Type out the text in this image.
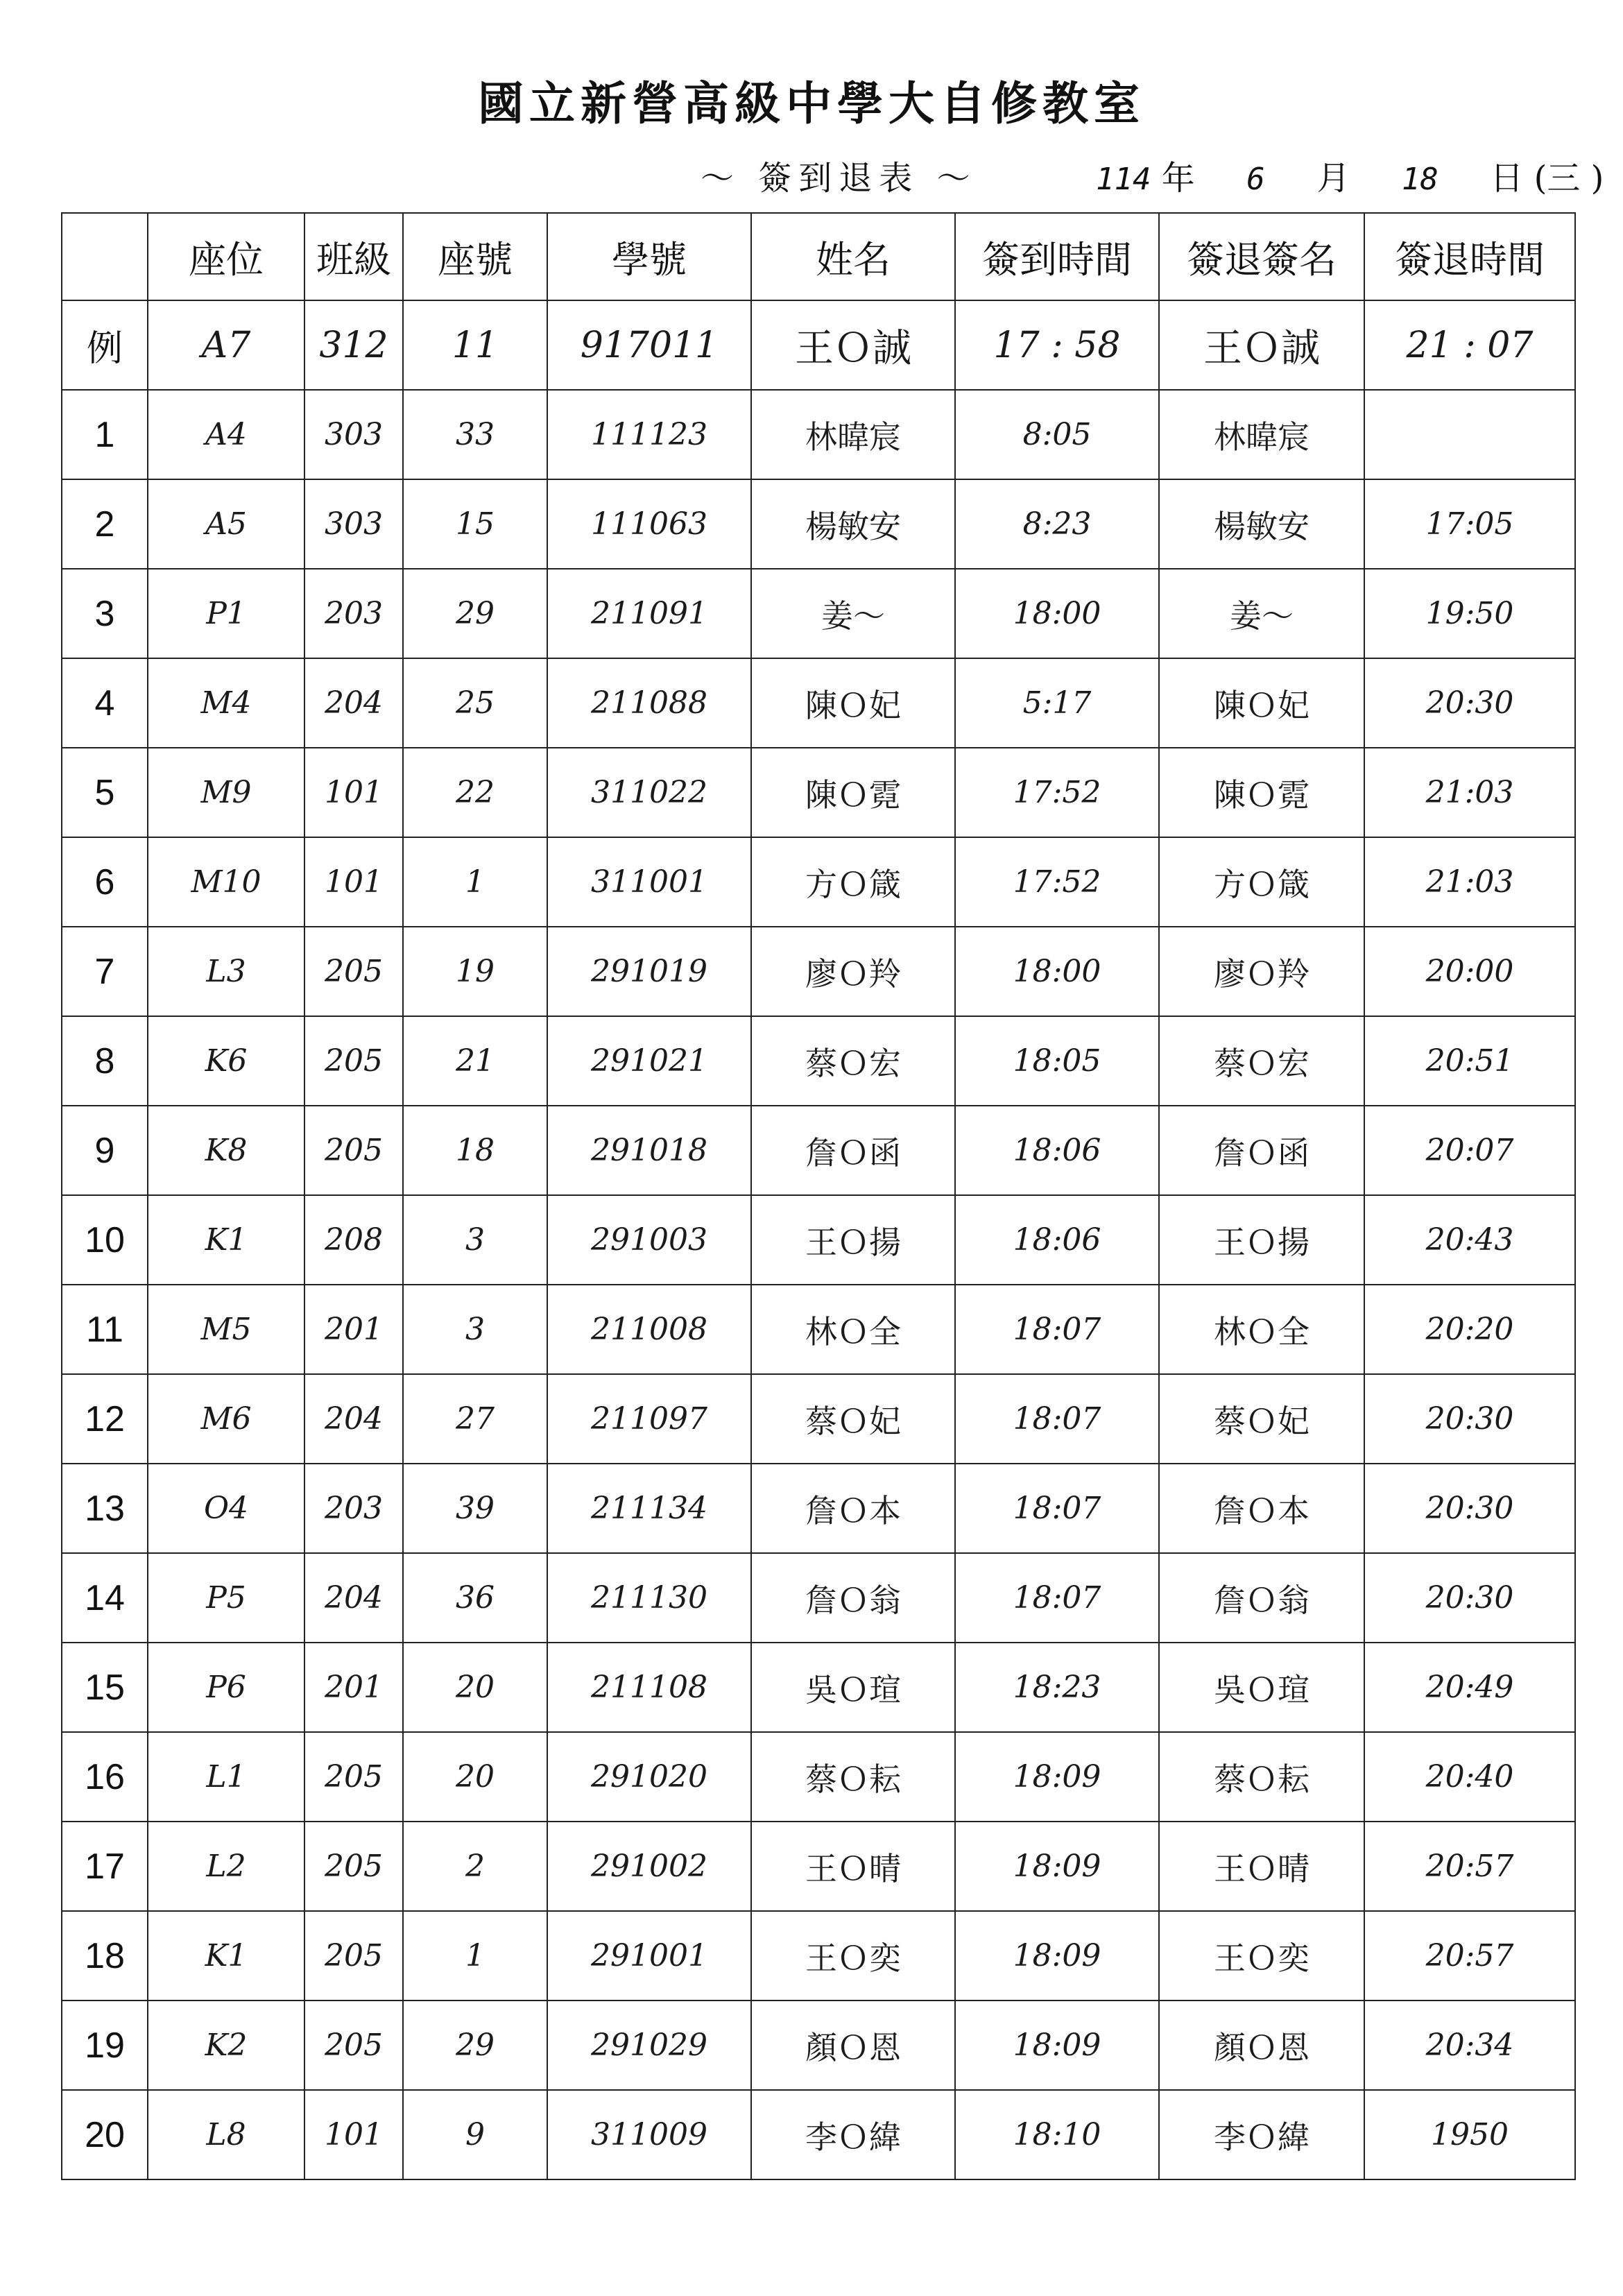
國立新營高級中學大自修教室
～ 簽到退表 ～	114 年 6 月 18 日 (三 )
	座位	班級	座號	學號	姓名	簽到時間	簽退簽名	簽退時間
例	A7	312	11	917011	王Ｏ誠	17 : 58	王Ｏ誠	21 : 07
1	A4	303	33	111123	林暐宸	8:05	林暐宸	
2	A5	303	15	111063	楊敏安	8:23	楊敏安	17:05
3	P1	203	29	211091	姜～	18:00	姜～	19:50
4	M4	204	25	211088	陳Ｏ妃	5:17	陳Ｏ妃	20:30
5	M9	101	22	311022	陳Ｏ霓	17:52	陳Ｏ霓	21:03
6	M10	101	1	311001	方Ｏ箴	17:52	方Ｏ箴	21:03
7	L3	205	19	291019	廖Ｏ羚	18:00	廖Ｏ羚	20:00
8	K6	205	21	291021	蔡Ｏ宏	18:05	蔡Ｏ宏	20:51
9	K8	205	18	291018	詹Ｏ函	18:06	詹Ｏ函	20:07
10	K1	208	3	291003	王Ｏ揚	18:06	王Ｏ揚	20:43
11	M5	201	3	211008	林Ｏ全	18:07	林Ｏ全	20:20
12	M6	204	27	211097	蔡Ｏ妃	18:07	蔡Ｏ妃	20:30
13	O4	203	39	211134	詹Ｏ本	18:07	詹Ｏ本	20:30
14	P5	204	36	211130	詹Ｏ翁	18:07	詹Ｏ翁	20:30
15	P6	201	20	211108	吳Ｏ瑄	18:23	吳Ｏ瑄	20:49
16	L1	205	20	291020	蔡Ｏ耘	18:09	蔡Ｏ耘	20:40
17	L2	205	2	291002	王Ｏ晴	18:09	王Ｏ晴	20:57
18	K1	205	1	291001	王Ｏ奕	18:09	王Ｏ奕	20:57
19	K2	205	29	291029	顏Ｏ恩	18:09	顏Ｏ恩	20:34
20	L8	101	9	311009	李Ｏ緯	18:10	李Ｏ緯	1950
